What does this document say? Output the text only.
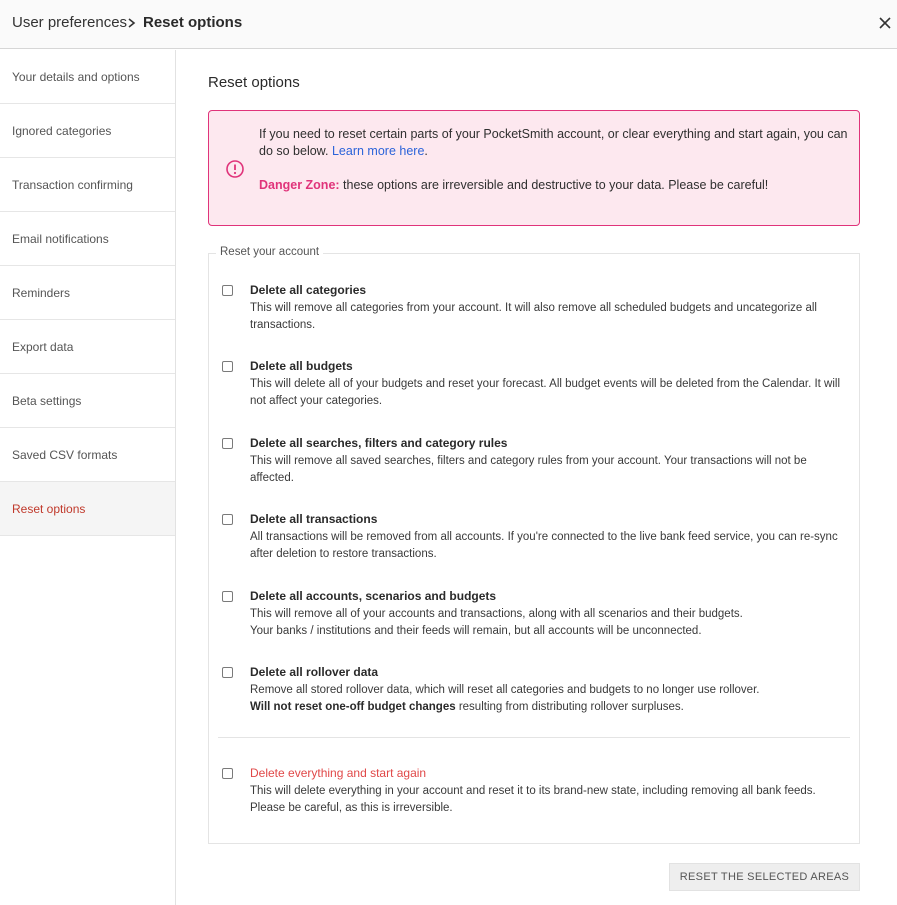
User preferences Reset options
Your details and options
Ignored categories
Transaction confirming
Email notifications
Reminders
Export data
Beta settings
Saved CSV formats
Reset options
Reset options
If you need to reset certain parts of your PocketSmith account, or clear everything and start again, you can do so below. Learn more here.
Danger Zone: these options are irreversible and destructive to your data. Please be careful!
Reset your account
Delete all categories
This will remove all categories from your account. It will also remove all scheduled budgets and uncategorize all transactions.
Delete all budgets
This will delete all of your budgets and reset your forecast. All budget events will be deleted from the Calendar. It will not affect your categories.
Delete all searches, filters and category rules
This will remove all saved searches, filters and category rules from your account. Your transactions will not be affected.
Delete all transactions
All transactions will be removed from all accounts. If you're connected to the live bank feed service, you can re-sync after deletion to restore transactions.
Delete all accounts, scenarios and budgets
This will remove all of your accounts and transactions, along with all scenarios and their budgets.
Your banks / institutions and their feeds will remain, but all accounts will be unconnected.
Delete all rollover data
Remove all stored rollover data, which will reset all categories and budgets to no longer use rollover.
Will not reset one-off budget changes resulting from distributing rollover surpluses.
Delete everything and start again
This will delete everything in your account and reset it to its brand-new state, including removing all bank feeds.
Please be careful, as this is irreversible.
RESET THE SELECTED AREAS
